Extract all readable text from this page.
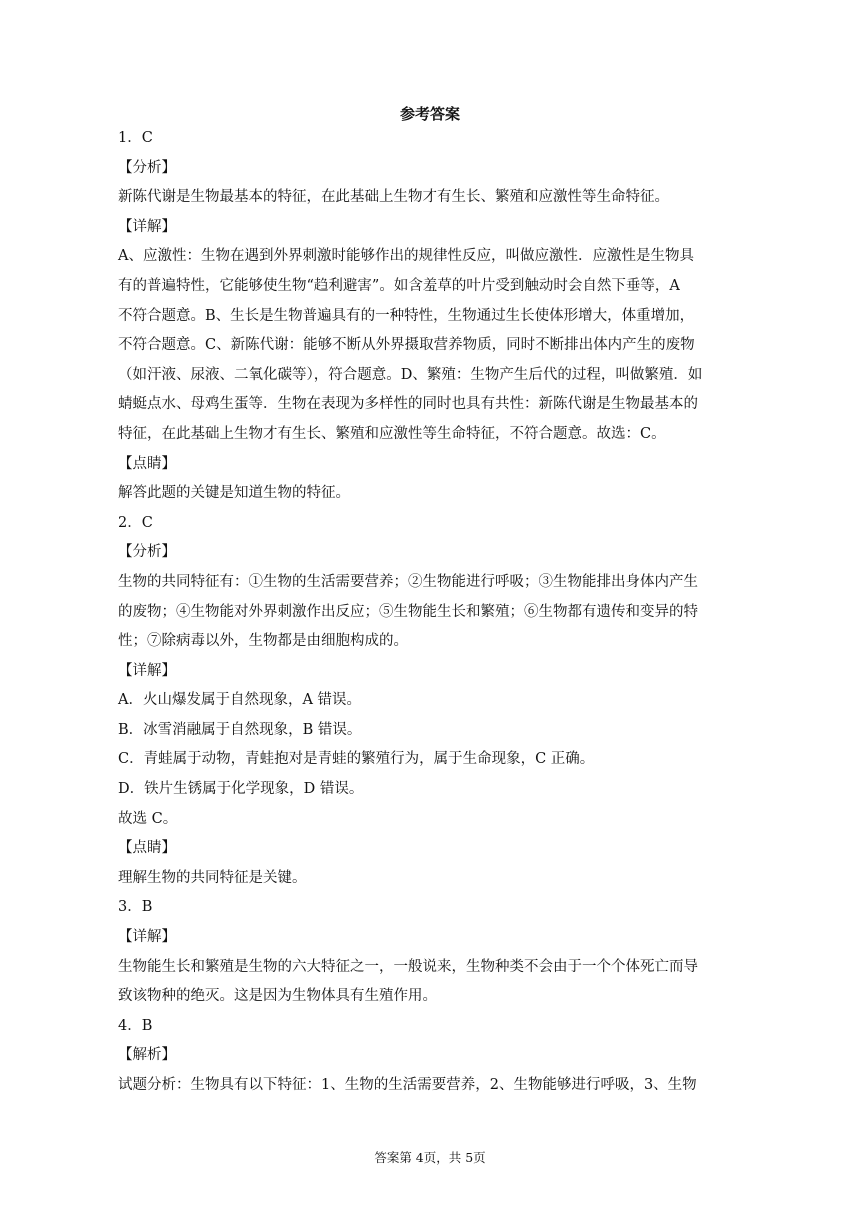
参考答案
1．C
【分析】
新陈代谢是生物最基本的特征，在此基础上生物才有生长、繁殖和应激性等生命特征。
【详解】
A、应激性：生物在遇到外界刺激时能够作出的规律性反应，叫做应激性．应激性是生物具
有的普遍特性，它能够使生物“趋利避害”。如含羞草的叶片受到触动时会自然下垂等，A
不符合题意。B、生长是生物普遍具有的一种特性，生物通过生长使体形增大，体重增加，
不符合题意。C、新陈代谢：能够不断从外界摄取营养物质，同时不断排出体内产生的废物
（如汗液、尿液、二氧化碳等），符合题意。D、繁殖：生物产生后代的过程，叫做繁殖．如
蜻蜓点水、母鸡生蛋等．生物在表现为多样性的同时也具有共性：新陈代谢是生物最基本的
特征，在此基础上生物才有生长、繁殖和应激性等生命特征，不符合题意。故选：C。
【点睛】
解答此题的关键是知道生物的特征。
2．C
【分析】
生物的共同特征有：①生物的生活需要营养；②生物能进行呼吸；③生物能排出身体内产生
的废物；④生物能对外界刺激作出反应；⑤生物能生长和繁殖；⑥生物都有遗传和变异的特
性；⑦除病毒以外，生物都是由细胞构成的。
【详解】
A．火山爆发属于自然现象，A 错误。
B．冰雪消融属于自然现象，B 错误。
C．青蛙属于动物，青蛙抱对是青蛙的繁殖行为，属于生命现象，C 正确。
D．铁片生锈属于化学现象，D 错误。
故选 C。
【点睛】
理解生物的共同特征是关键。
3．B
【详解】
生物能生长和繁殖是生物的六大特征之一，一般说来，生物种类不会由于一个个体死亡而导
致该物种的绝灭。这是因为生物体具有生殖作用。
4．B
【解析】
试题分析：生物具有以下特征：1、生物的生活需要营养，2、生物能够进行呼吸，3、生物
答案第 4页，共 5页
